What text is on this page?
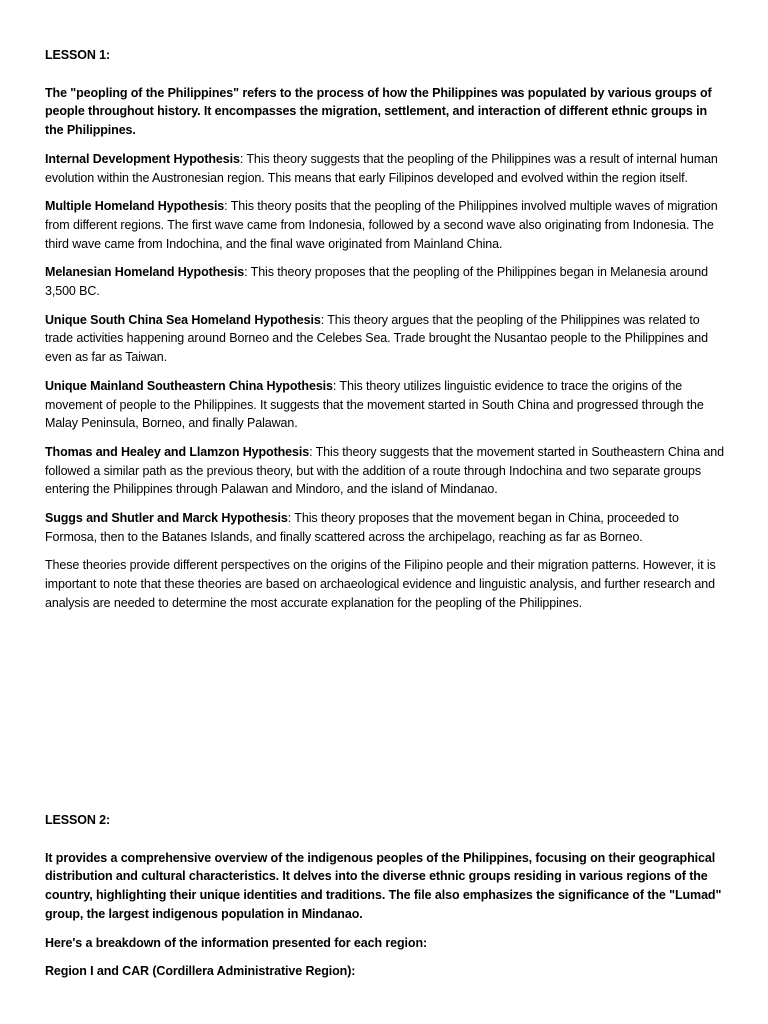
LESSON 1:

The "peopling of the Philippines" refers to the process of how the Philippines was populated by various groups of people throughout history. It encompasses the migration, settlement, and interaction of different ethnic groups in the Philippines.

Internal Development Hypothesis: This theory suggests that the peopling of the Philippines was a result of internal human evolution within the Austronesian region. This means that early Filipinos developed and evolved within the region itself.

Multiple Homeland Hypothesis: This theory posits that the peopling of the Philippines involved multiple waves of migration from different regions. The first wave came from Indonesia, followed by a second wave also originating from Indonesia. The third wave came from Indochina, and the final wave originated from Mainland China.

Melanesian Homeland Hypothesis: This theory proposes that the peopling of the Philippines began in Melanesia around 3,500 BC.

Unique South China Sea Homeland Hypothesis: This theory argues that the peopling of the Philippines was related to trade activities happening around Borneo and the Celebes Sea. Trade brought the Nusantao people to the Philippines and even as far as Taiwan.

Unique Mainland Southeastern China Hypothesis: This theory utilizes linguistic evidence to trace the origins of the movement of people to the Philippines. It suggests that the movement started in South China and progressed through the Malay Peninsula, Borneo, and finally Palawan.

Thomas and Healey and Llamzon Hypothesis: This theory suggests that the movement started in Southeastern China and followed a similar path as the previous theory, but with the addition of a route through Indochina and two separate groups entering the Philippines through Palawan and Mindoro, and the island of Mindanao.

Suggs and Shutler and Marck Hypothesis: This theory proposes that the movement began in China, proceeded to Formosa, then to the Batanes Islands, and finally scattered across the archipelago, reaching as far as Borneo.

These theories provide different perspectives on the origins of the Filipino people and their migration patterns. However, it is important to note that these theories are based on archaeological evidence and linguistic analysis, and further research and analysis are needed to determine the most accurate explanation for the peopling of the Philippines.

LESSON 2:

It provides a comprehensive overview of the indigenous peoples of the Philippines, focusing on their geographical distribution and cultural characteristics. It delves into the diverse ethnic groups residing in various regions of the country, highlighting their unique identities and traditions. The file also emphasizes the significance of the "Lumad" group, the largest indigenous population in Mindanao.

Here's a breakdown of the information presented for each region:

Region I and CAR (Cordillera Administrative Region):
